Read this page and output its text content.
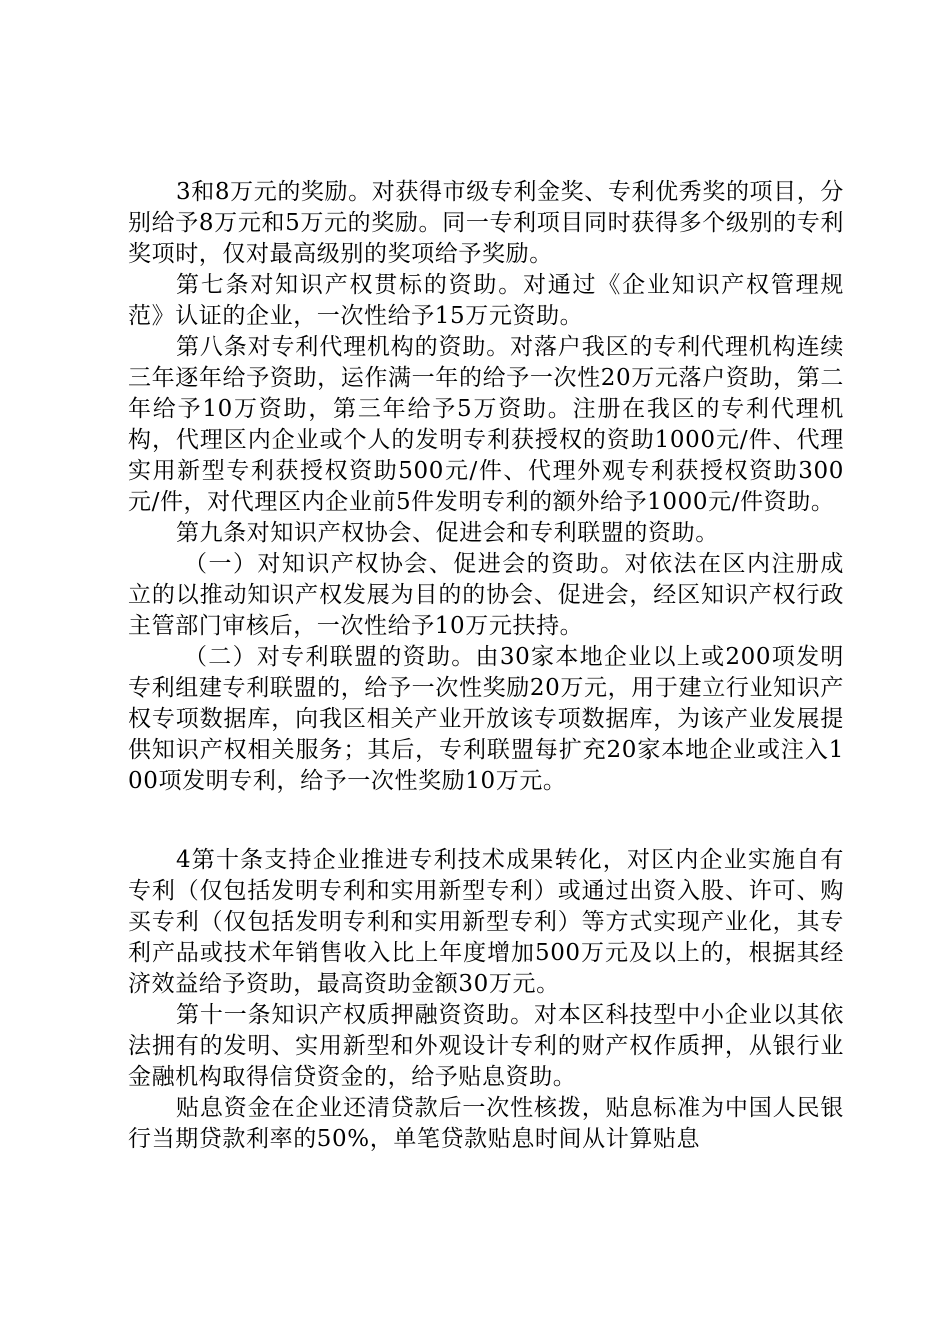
3和8万元的奖励。对获得市级专利金奖、专利优秀奖的项目，分别给予8万元和5万元的奖励。同一专利项目同时获得多个级别的专利奖项时，仅对最高级别的奖项给予奖励。

第七条对知识产权贯标的资助。对通过《企业知识产权管理规范》认证的企业，一次性给予15万元资助。

第八条对专利代理机构的资助。对落户我区的专利代理机构连续三年逐年给予资助，运作满一年的给予一次性20万元落户资助，第二年给予10万资助，第三年给予5万资助。注册在我区的专利代理机构，代理区内企业或个人的发明专利获授权的资助1000元/件、代理实用新型专利获授权资助500元/件、代理外观专利获授权资助300元/件，对代理区内企业前5件发明专利的额外给予1000元/件资助。

第九条对知识产权协会、促进会和专利联盟的资助。

（一）对知识产权协会、促进会的资助。对依法在区内注册成立的以推动知识产权发展为目的的协会、促进会，经区知识产权行政主管部门审核后，一次性给予10万元扶持。

（二）对专利联盟的资助。由30家本地企业以上或200项发明专利组建专利联盟的，给予一次性奖励20万元，用于建立行业知识产权专项数据库，向我区相关产业开放该专项数据库，为该产业发展提供知识产权相关服务；其后，专利联盟每扩充20家本地企业或注入100项发明专利，给予一次性奖励10万元。

4第十条支持企业推进专利技术成果转化，对区内企业实施自有专利（仅包括发明专利和实用新型专利）或通过出资入股、许可、购买专利（仅包括发明专利和实用新型专利）等方式实现产业化，其专利产品或技术年销售收入比上年度增加500万元及以上的，根据其经济效益给予资助，最高资助金额30万元。

第十一条知识产权质押融资资助。对本区科技型中小企业以其依法拥有的发明、实用新型和外观设计专利的财产权作质押，从银行业金融机构取得信贷资金的，给予贴息资助。

贴息资金在企业还清贷款后一次性核拨，贴息标准为中国人民银行当期贷款利率的50%，单笔贷款贴息时间从计算贴息
